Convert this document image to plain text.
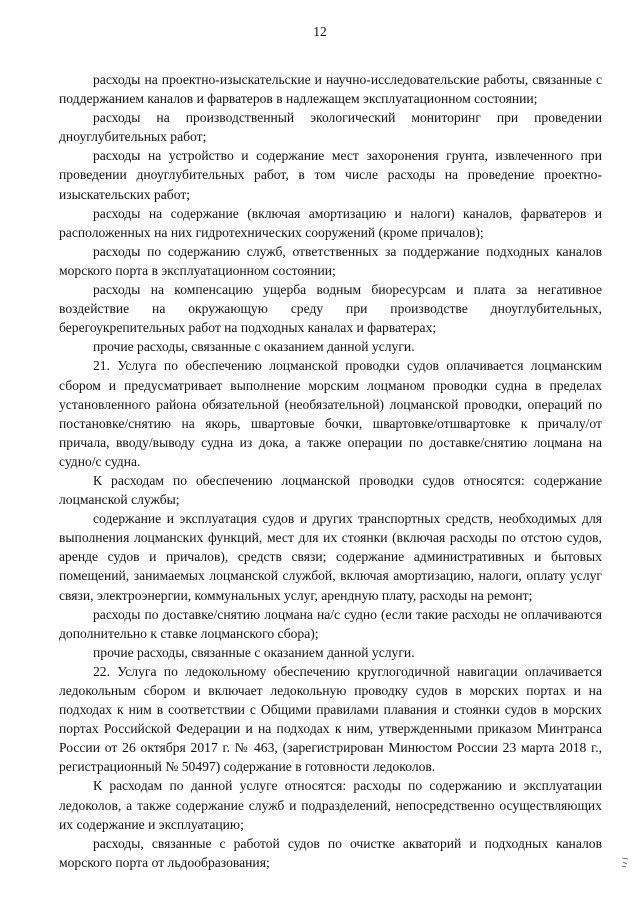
12

расходы на проектно-изыскательские и научно-исследовательские работы, связанные с поддержанием каналов и фарватеров в надлежащем эксплуатационном состоянии;

расходы на производственный экологический мониторинг при проведении дноуглубительных работ;

расходы на устройство и содержание мест захоронения грунта, извлеченного при проведении дноуглубительных работ, в том числе расходы на проведение проектно-изыскательских работ;

расходы на содержание (включая амортизацию и налоги) каналов, фарватеров и расположенных на них гидротехнических сооружений (кроме причалов);

расходы по содержанию служб, ответственных за поддержание подходных каналов морского порта в эксплуатационном состоянии;

расходы на компенсацию ущерба водным биоресурсам и плата за негативное воздействие на окружающую среду при производстве дноуглубительных, берегоукрепительных работ на подходных каналах и фарватерах;

прочие расходы, связанные с оказанием данной услуги.

21. Услуга по обеспечению лоцманской проводки судов оплачивается лоцманским сбором и предусматривает выполнение морским лоцманом проводки судна в пределах установленного района обязательной (необязательной) лоцманской проводки, операций по постановке/снятию на якорь, швартовые бочки, швартовке/отшвартовке к причалу/от причала, вводу/выводу судна из дока, а также операции по доставке/снятию лоцмана на судно/с судна.

К расходам по обеспечению лоцманской проводки судов относятся: содержание лоцманской службы;

содержание и эксплуатация судов и других транспортных средств, необходимых для выполнения лоцманских функций, мест для их стоянки (включая расходы по отстою судов, аренде судов и причалов), средств связи; содержание административных и бытовых помещений, занимаемых лоцманской службой, включая амортизацию, налоги, оплату услуг связи, электроэнергии, коммунальных услуг, арендную плату, расходы на ремонт;

расходы по доставке/снятию лоцмана на/с судно (если такие расходы не оплачиваются дополнительно к ставке лоцманского сбора);

прочие расходы, связанные с оказанием данной услуги.

22. Услуга по ледокольному обеспечению круглогодичной навигации оплачивается ледокольным сбором и включает ледокольную проводку судов в морских портах и на подходах к ним в соответствии с Общими правилами плавания и стоянки судов в морских портах Российской Федерации и на подходах к ним, утвержденными приказом Минтранса России от 26 октября 2017 г. № 463, (зарегистрирован Минюстом России 23 марта 2018 г., регистрационный № 50497) содержание в готовности ледоколов.

К расходам по данной услуге относятся: расходы по содержанию и эксплуатации ледоколов, а также содержание служб и подразделений, непосредственно осуществляющих их содержание и эксплуатацию;

расходы, связанные с работой судов по очистке акваторий и подходных каналов морского порта от льдообразования;
